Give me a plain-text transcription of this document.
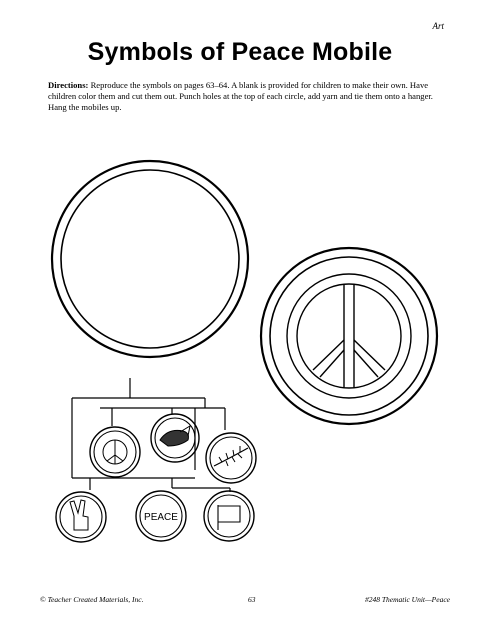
Art
Symbols of Peace Mobile
Directions: Reproduce the symbols on pages 63–64. A blank is provided for children to make their own. Have children color them and cut them out. Punch holes at the top of each circle, add yarn and tie them onto a hanger. Hang the mobiles up.
PEACE
© Teacher Created Materials, Inc.	63	#248 Thematic Unit—Peace
